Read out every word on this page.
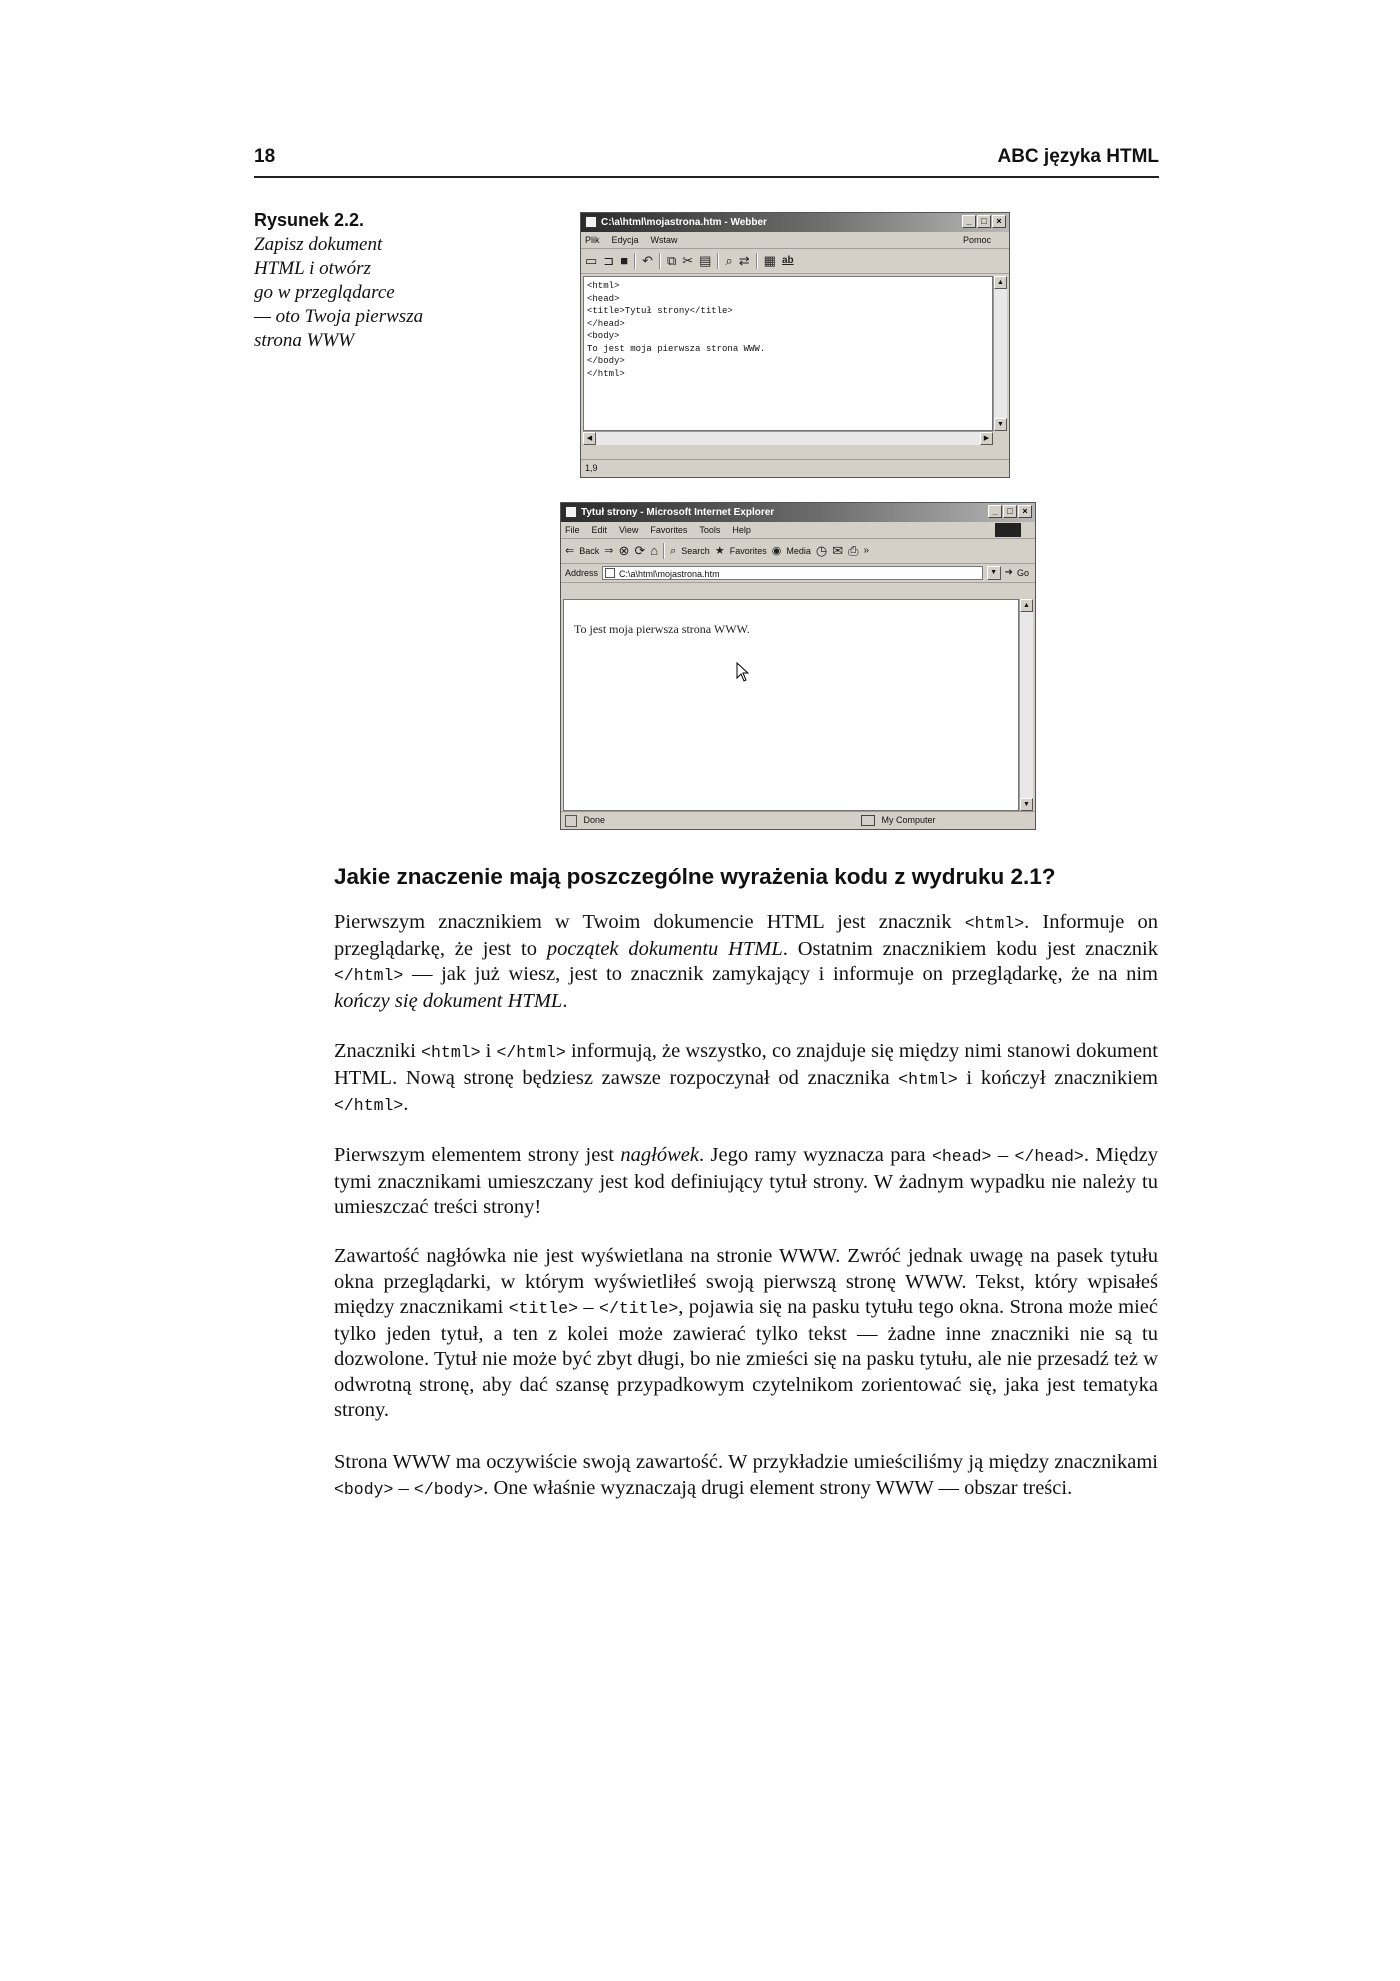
18	ABC języka HTML
Rysunek 2.2.
Zapisz dokument
HTML i otwórz
go w przeglądarce
— oto Twoja pierwsza
strona WWW
C:\a\html\mojastrona.htm - Webber	_	□	×
Plik Edycja Wstaw	Pomoc
▭ ⊐ ■ ↶ ⧉ ✂ ▤ ⌕ ⇄ ▦ ab
<html>
<head>
<title>Tytuł strony</title>
</head>
<body>
To jest moja pierwsza strona WWW.
</body>
</html>
▲
▼
◀	▶
1,9
Tytuł strony - Microsoft Internet Explorer	_	□	×
File Edit View Favorites Tools Help
⇐ Back ⇒ ⊗ ⟳ ⌂ ⌕ Search ★ Favorites ◉ Media ◷ ✉ ⎙ »
Address	C:\a\html\mojastrona.htm	▼ ➜ Go
To jest moja pierwsza strona WWW.
▲
▼
Done	My Computer
Jakie znaczenie mają poszczególne wyrażenia kodu z wydruku 2.1?

Pierwszym znacznikiem w Twoim dokumencie HTML jest znacznik <html>. Informuje on przeglądarkę, że jest to początek dokumentu HTML. Ostatnim znacznikiem kodu jest znacznik </html> — jak już wiesz, jest to znacznik zamykający i informuje on przeglądarkę, że na nim kończy się dokument HTML.

Znaczniki <html> i </html> informują, że wszystko, co znajduje się między nimi stanowi dokument HTML. Nową stronę będziesz zawsze rozpoczynał od znacznika <html> i kończył znacznikiem </html>.

Pierwszym elementem strony jest nagłówek. Jego ramy wyznacza para <head> – </head>. Między tymi znacznikami umieszczany jest kod definiujący tytuł strony. W żadnym wypadku nie należy tu umieszczać treści strony!

Zawartość nagłówka nie jest wyświetlana na stronie WWW. Zwróć jednak uwagę na pasek tytułu okna przeglądarki, w którym wyświetliłeś swoją pierwszą stronę WWW. Tekst, który wpisałeś między znacznikami <title> – </title>, pojawia się na pasku tytułu tego okna. Strona może mieć tylko jeden tytuł, a ten z kolei może zawierać tylko tekst — żadne inne znaczniki nie są tu dozwolone. Tytuł nie może być zbyt długi, bo nie zmieści się na pasku tytułu, ale nie przesadź też w odwrotną stronę, aby dać szansę przypadkowym czytelnikom zorientować się, jaka jest tematyka strony.

Strona WWW ma oczywiście swoją zawartość. W przykładzie umieściliśmy ją między znacznikami <body> – </body>. One właśnie wyznaczają drugi element strony WWW — obszar treści.
